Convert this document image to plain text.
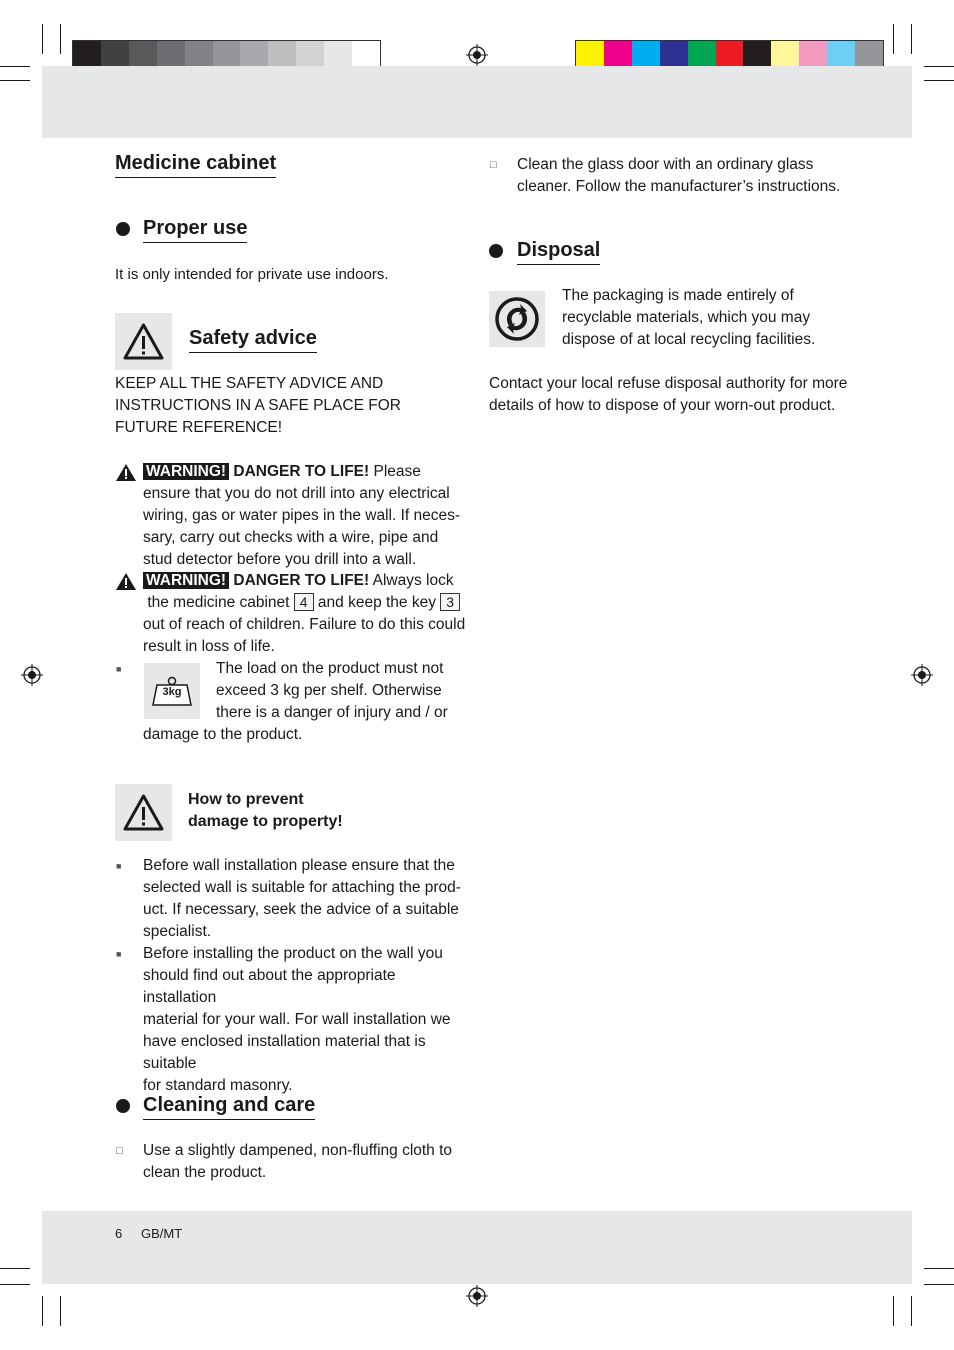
Medicine cabinet
Proper use
It is only intended for private use indoors.
Safety advice
KEEP ALL THE SAFETY ADVICE AND
INSTRUCTIONS IN A SAFE PLACE FOR
FUTURE REFERENCE!
WARNING! DANGER TO LIFE! Please
ensure that you do not drill into any electrical
wiring, gas or water pipes in the wall. If neces-
sary, carry out checks with a wire, pipe and
stud detector before you drill into a wall.
WARNING! DANGER TO LIFE! Always lock
the medicine cabinet 4 and keep the key 3
out of reach of children. Failure to do this could
result in loss of life.
■
3kg
The load on the product must not
exceed 3 kg per shelf. Otherwise
there is a danger of injury and / or
damage to the product.
How to prevent
damage to property!
■ Before wall installation please ensure that the
selected wall is suitable for attaching the prod-
uct. If necessary, seek the advice of a suitable
specialist.
■ Before installing the product on the wall you
should find out about the appropriate installation
material for your wall. For wall installation we
have enclosed installation material that is suitable
for standard masonry.
Cleaning and care
□ Use a slightly dampened, non-fluffing cloth to
clean the product.
□ Clean the glass door with an ordinary glass
cleaner. Follow the manufacturer’s instructions.
Disposal
The packaging is made entirely of
recyclable materials, which you may
dispose of at local recycling facilities.
Contact your local refuse disposal authority for more
details of how to dispose of your worn-out product.
6 GB/MT
